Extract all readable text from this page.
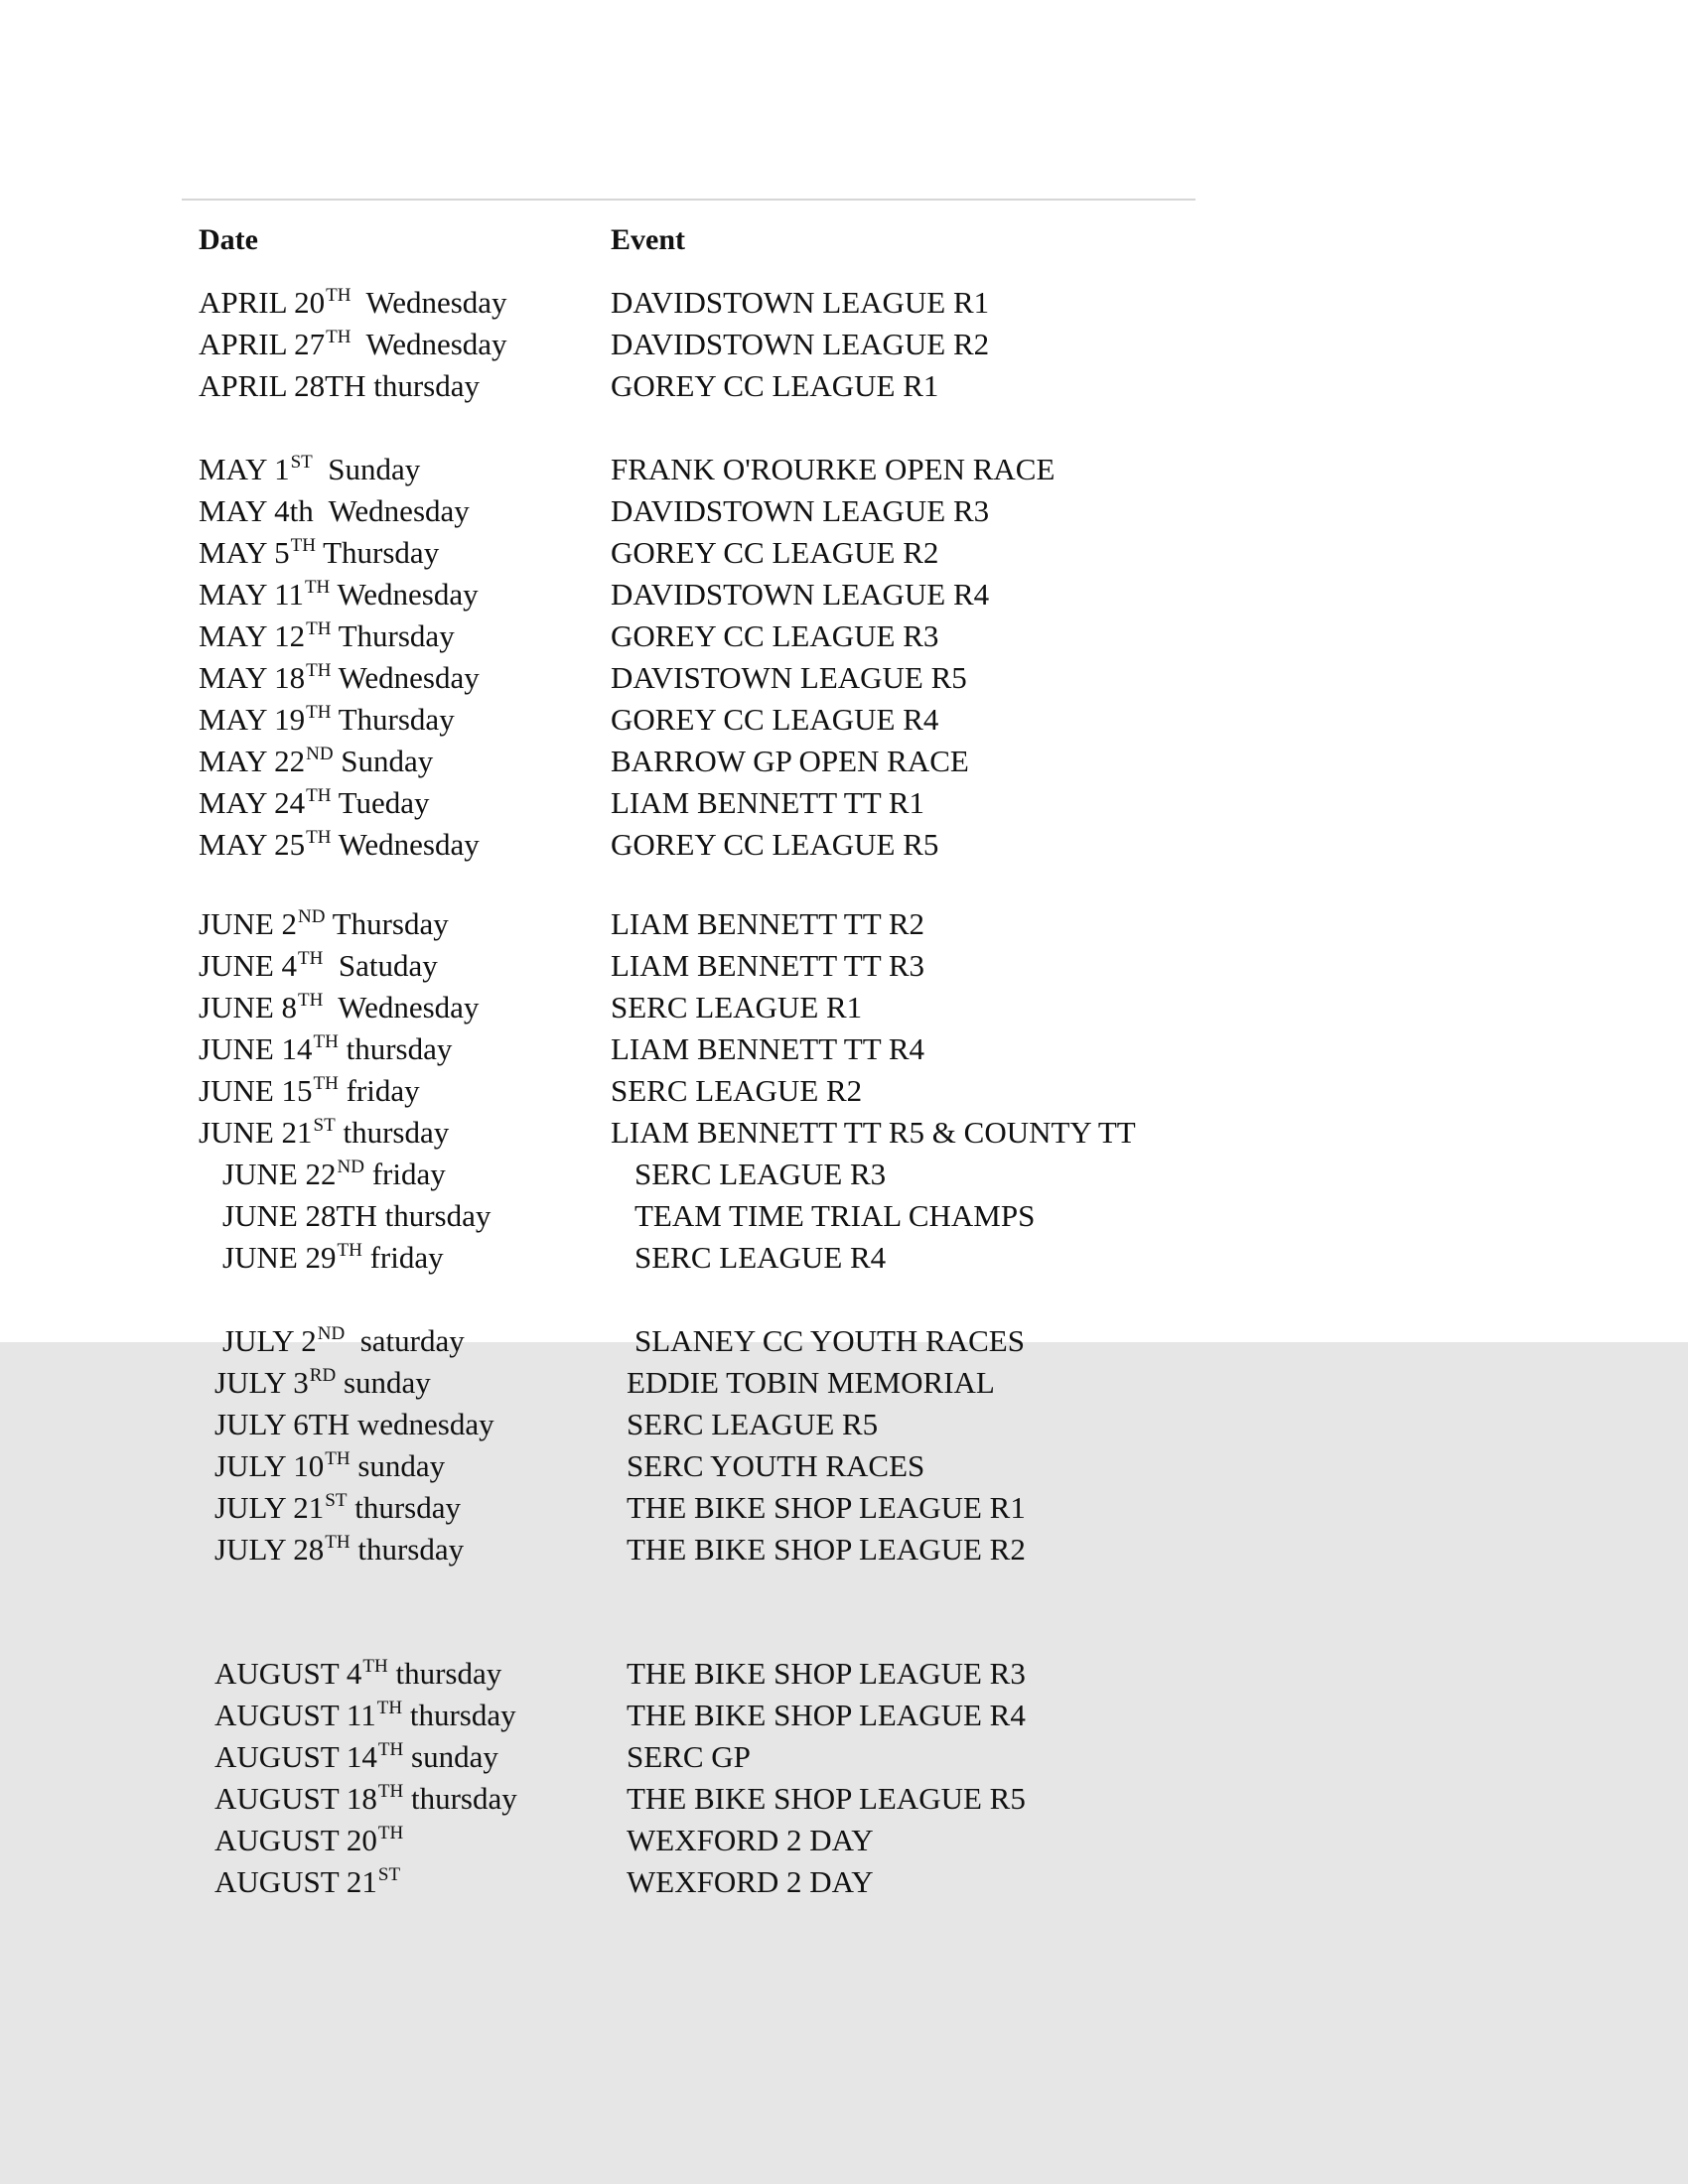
Date	Event
APRIL 20TH  Wednesday	DAVIDSTOWN LEAGUE R1
APRIL 27TH  Wednesday	DAVIDSTOWN LEAGUE R2
APRIL 28TH thursday	GOREY CC LEAGUE R1
MAY 1ST  Sunday	FRANK O'ROURKE OPEN RACE
MAY 4th  Wednesday	DAVIDSTOWN LEAGUE R3
MAY 5TH Thursday	GOREY CC LEAGUE R2
MAY 11TH Wednesday	DAVIDSTOWN LEAGUE R4
MAY 12TH Thursday	GOREY CC LEAGUE R3
MAY 18TH Wednesday	DAVISTOWN LEAGUE R5
MAY 19TH Thursday	GOREY CC LEAGUE R4
MAY 22ND Sunday	BARROW GP OPEN RACE
MAY 24TH Tueday	LIAM BENNETT TT R1
MAY 25TH Wednesday	GOREY CC LEAGUE R5
JUNE 2ND Thursday	LIAM BENNETT TT R2
JUNE 4TH  Satuday	LIAM BENNETT TT R3
JUNE 8TH  Wednesday	SERC LEAGUE R1
JUNE 14TH thursday	LIAM BENNETT TT R4
JUNE 15TH friday	SERC LEAGUE R2
JUNE 21ST thursday	LIAM BENNETT TT R5 & COUNTY TT
JUNE 22ND friday	SERC LEAGUE R3
JUNE 28TH thursday	TEAM TIME TRIAL CHAMPS
JUNE 29TH friday	SERC LEAGUE R4
JULY 2ND  saturday	SLANEY CC YOUTH RACES
JULY 3RD sunday	EDDIE TOBIN MEMORIAL
JULY 6TH wednesday	SERC LEAGUE R5
JULY 10TH sunday	SERC YOUTH RACES
JULY 21ST thursday	THE BIKE SHOP LEAGUE R1
JULY 28TH thursday	THE BIKE SHOP LEAGUE R2
AUGUST 4TH thursday	THE BIKE SHOP LEAGUE R3
AUGUST 11TH thursday	THE BIKE SHOP LEAGUE R4
AUGUST 14TH sunday	SERC GP
AUGUST 18TH thursday	THE BIKE SHOP LEAGUE R5
AUGUST 20TH	WEXFORD 2 DAY
AUGUST 21ST	WEXFORD 2 DAY
